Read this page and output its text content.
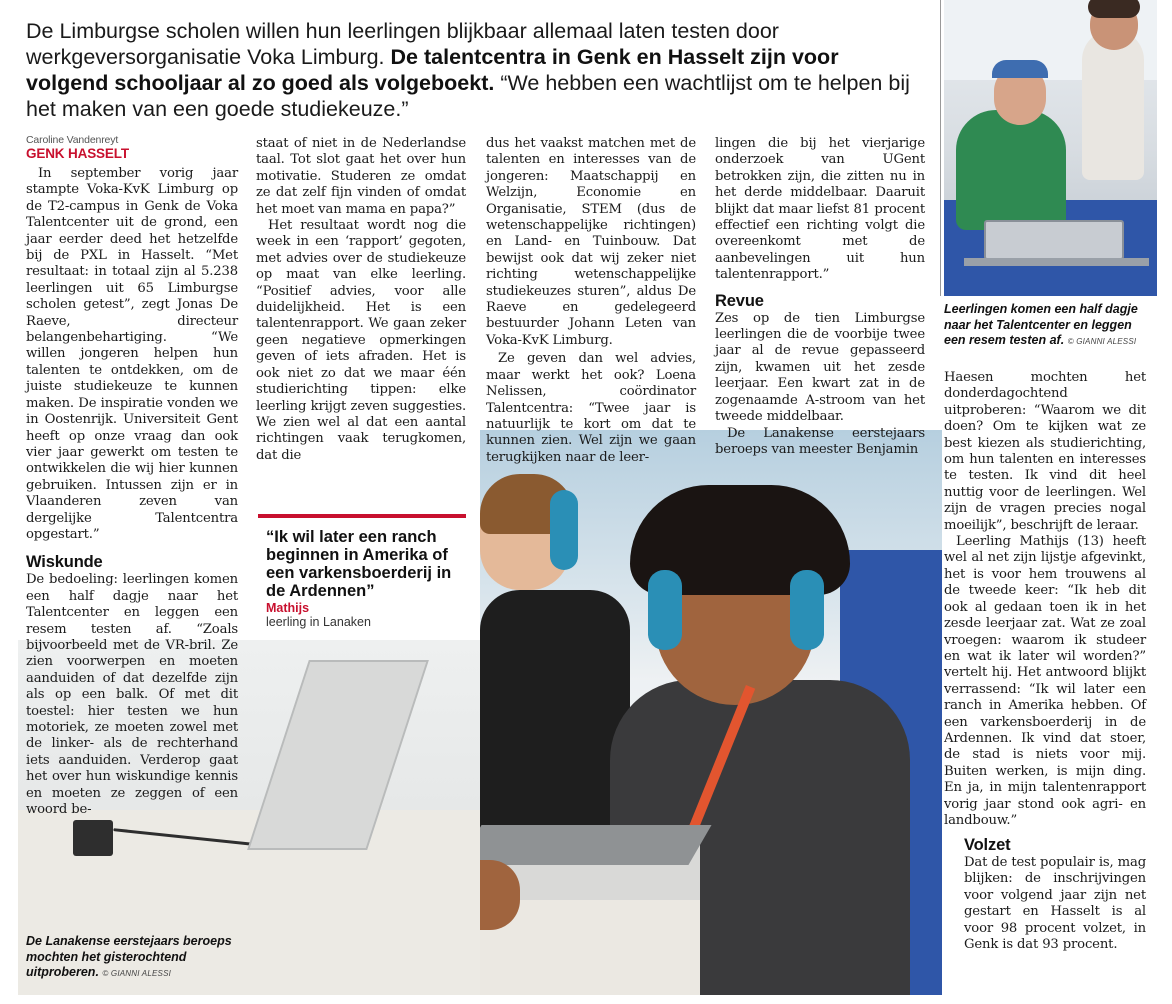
De Limburgse scholen willen hun leerlingen blijkbaar allemaal laten testen door werkgeversorganisatie Voka Limburg. De talentcentra in Genk en Hasselt zijn voor volgend schooljaar al zo goed als volgeboekt. “We hebben een wachtlijst om te helpen bij het maken van een goede studiekeuze.”
Caroline Vandenreyt
GENK HASSELT

In september vorig jaar stampte Voka-KvK Limburg op de T2-campus in Genk de Voka Talentcenter uit de grond, een jaar eerder deed het hetzelfde bij de PXL in Hasselt. “Met resultaat: in totaal zijn al 5.238 leerlingen uit 65 Limburgse scholen getest”, zegt Jonas De Raeve, directeur belangenbehartiging. “We willen jongeren helpen hun talenten te ontdekken, om de juiste studiekeuze te kunnen maken. De inspiratie vonden we in Oostenrijk. Universiteit Gent heeft op onze vraag dan ook vier jaar gewerkt om testen te ontwikkelen die wij hier kunnen gebruiken. Intussen zijn er in Vlaanderen zeven van dergelijke Talentcentra opgestart.”

Wiskunde

De bedoeling: leerlingen komen een half dagje naar het Talentcenter en leggen een resem testen af. “Zoals bijvoorbeeld met de VR-bril. Ze zien voorwerpen en moeten aanduiden of dat dezelfde zijn als op een balk. Of met dit toestel: hier testen we hun motoriek, ze moeten zowel met de linker- als de rechterhand iets aanduiden. Verderop gaat het over hun wiskundige kennis en moeten ze zeggen of een woord be-

staat of niet in de Nederlandse taal. Tot slot gaat het over hun motivatie. Studeren ze omdat ze dat zelf fijn vinden of omdat het moet van mama en papa?”

Het resultaat wordt nog die week in een ‘rapport’ gegoten, met advies over de studiekeuze op maat van elke leerling. “Positief advies, voor alle duidelijkheid. Het is een talentenrapport. We gaan zeker geen negatieve opmerkingen geven of iets afraden. Het is ook niet zo dat we maar één studierichting tippen: elke leerling krijgt zeven suggesties. We zien wel al dat een aantal richtingen vaak terugkomen, dat die

“Ik wil later een ranch beginnen in Amerika of een varkensboerderij in de Ardennen”
Mathijs
leerling in Lanaken

dus het vaakst matchen met de talenten en interesses van de jongeren: Maatschappij en Welzijn, Economie en Organisatie, STEM (dus de wetenschappelijke richtingen) en Land- en Tuinbouw. Dat bewijst ook dat wij zeker niet richting wetenschappelijke studiekeuzes sturen”, aldus De Raeve en gedelegeerd bestuurder Johann Leten van Voka-KvK Limburg.

Ze geven dan wel advies, maar werkt het ook? Loena Nelissen, coördinator Talentcentra: “Twee jaar is natuurlijk te kort om dat te kunnen zien. Wel zijn we gaan terugkijken naar de leer-

lingen die bij het vierjarige onderzoek van UGent betrokken zijn, die zitten nu in het derde middelbaar. Daaruit blijkt dat maar liefst 81 procent effectief een richting volgt die overeenkomt met de aanbevelingen uit hun talentenrapport.”

Revue

Zes op de tien Limburgse leerlingen die de voorbije twee jaar al de revue gepasseerd zijn, kwamen uit het zesde leerjaar. Een kwart zat in de zogenaamde A-stroom van het tweede middelbaar.

De Lanakense eerstejaars beroeps van meester Benjamin

Leerlingen komen een half dagje naar het Talentcenter en leggen een resem testen af. © GIANNI ALESSI

Haesen mochten het donderdagochtend uitproberen: “Waarom we dit doen? Om te kijken wat ze best kiezen als studierichting, om hun talenten en interesses te testen. Ik vind dit heel nuttig voor de leerlingen. Wel zijn de vragen precies nogal moeilijk”, beschrijft de leraar.

Leerling Mathijs (13) heeft wel al net zijn lijstje afgevinkt, het is voor hem trouwens al de tweede keer: “Ik heb dit ook al gedaan toen ik in het zesde leerjaar zat. Wat ze zoal vroegen: waarom ik studeer en wat ik later wil worden?” vertelt hij. Het antwoord blijkt verrassend: “Ik wil later een ranch in Amerika hebben. Of een varkensboerderij in de Ardennen. Ik vind dat stoer, de stad is niets voor mij. Buiten werken, is mijn ding. En ja, in mijn talentenrapport vorig jaar stond ook agri- en landbouw.”

Volzet

Dat de test populair is, mag blijken: de inschrijvingen voor volgend jaar zijn net gestart en Hasselt is al voor 98 procent volzet, in Genk is dat 93 procent.

De Lanakense eerstejaars beroeps mochten het gisterochtend uitproberen. © GIANNI ALESSI
